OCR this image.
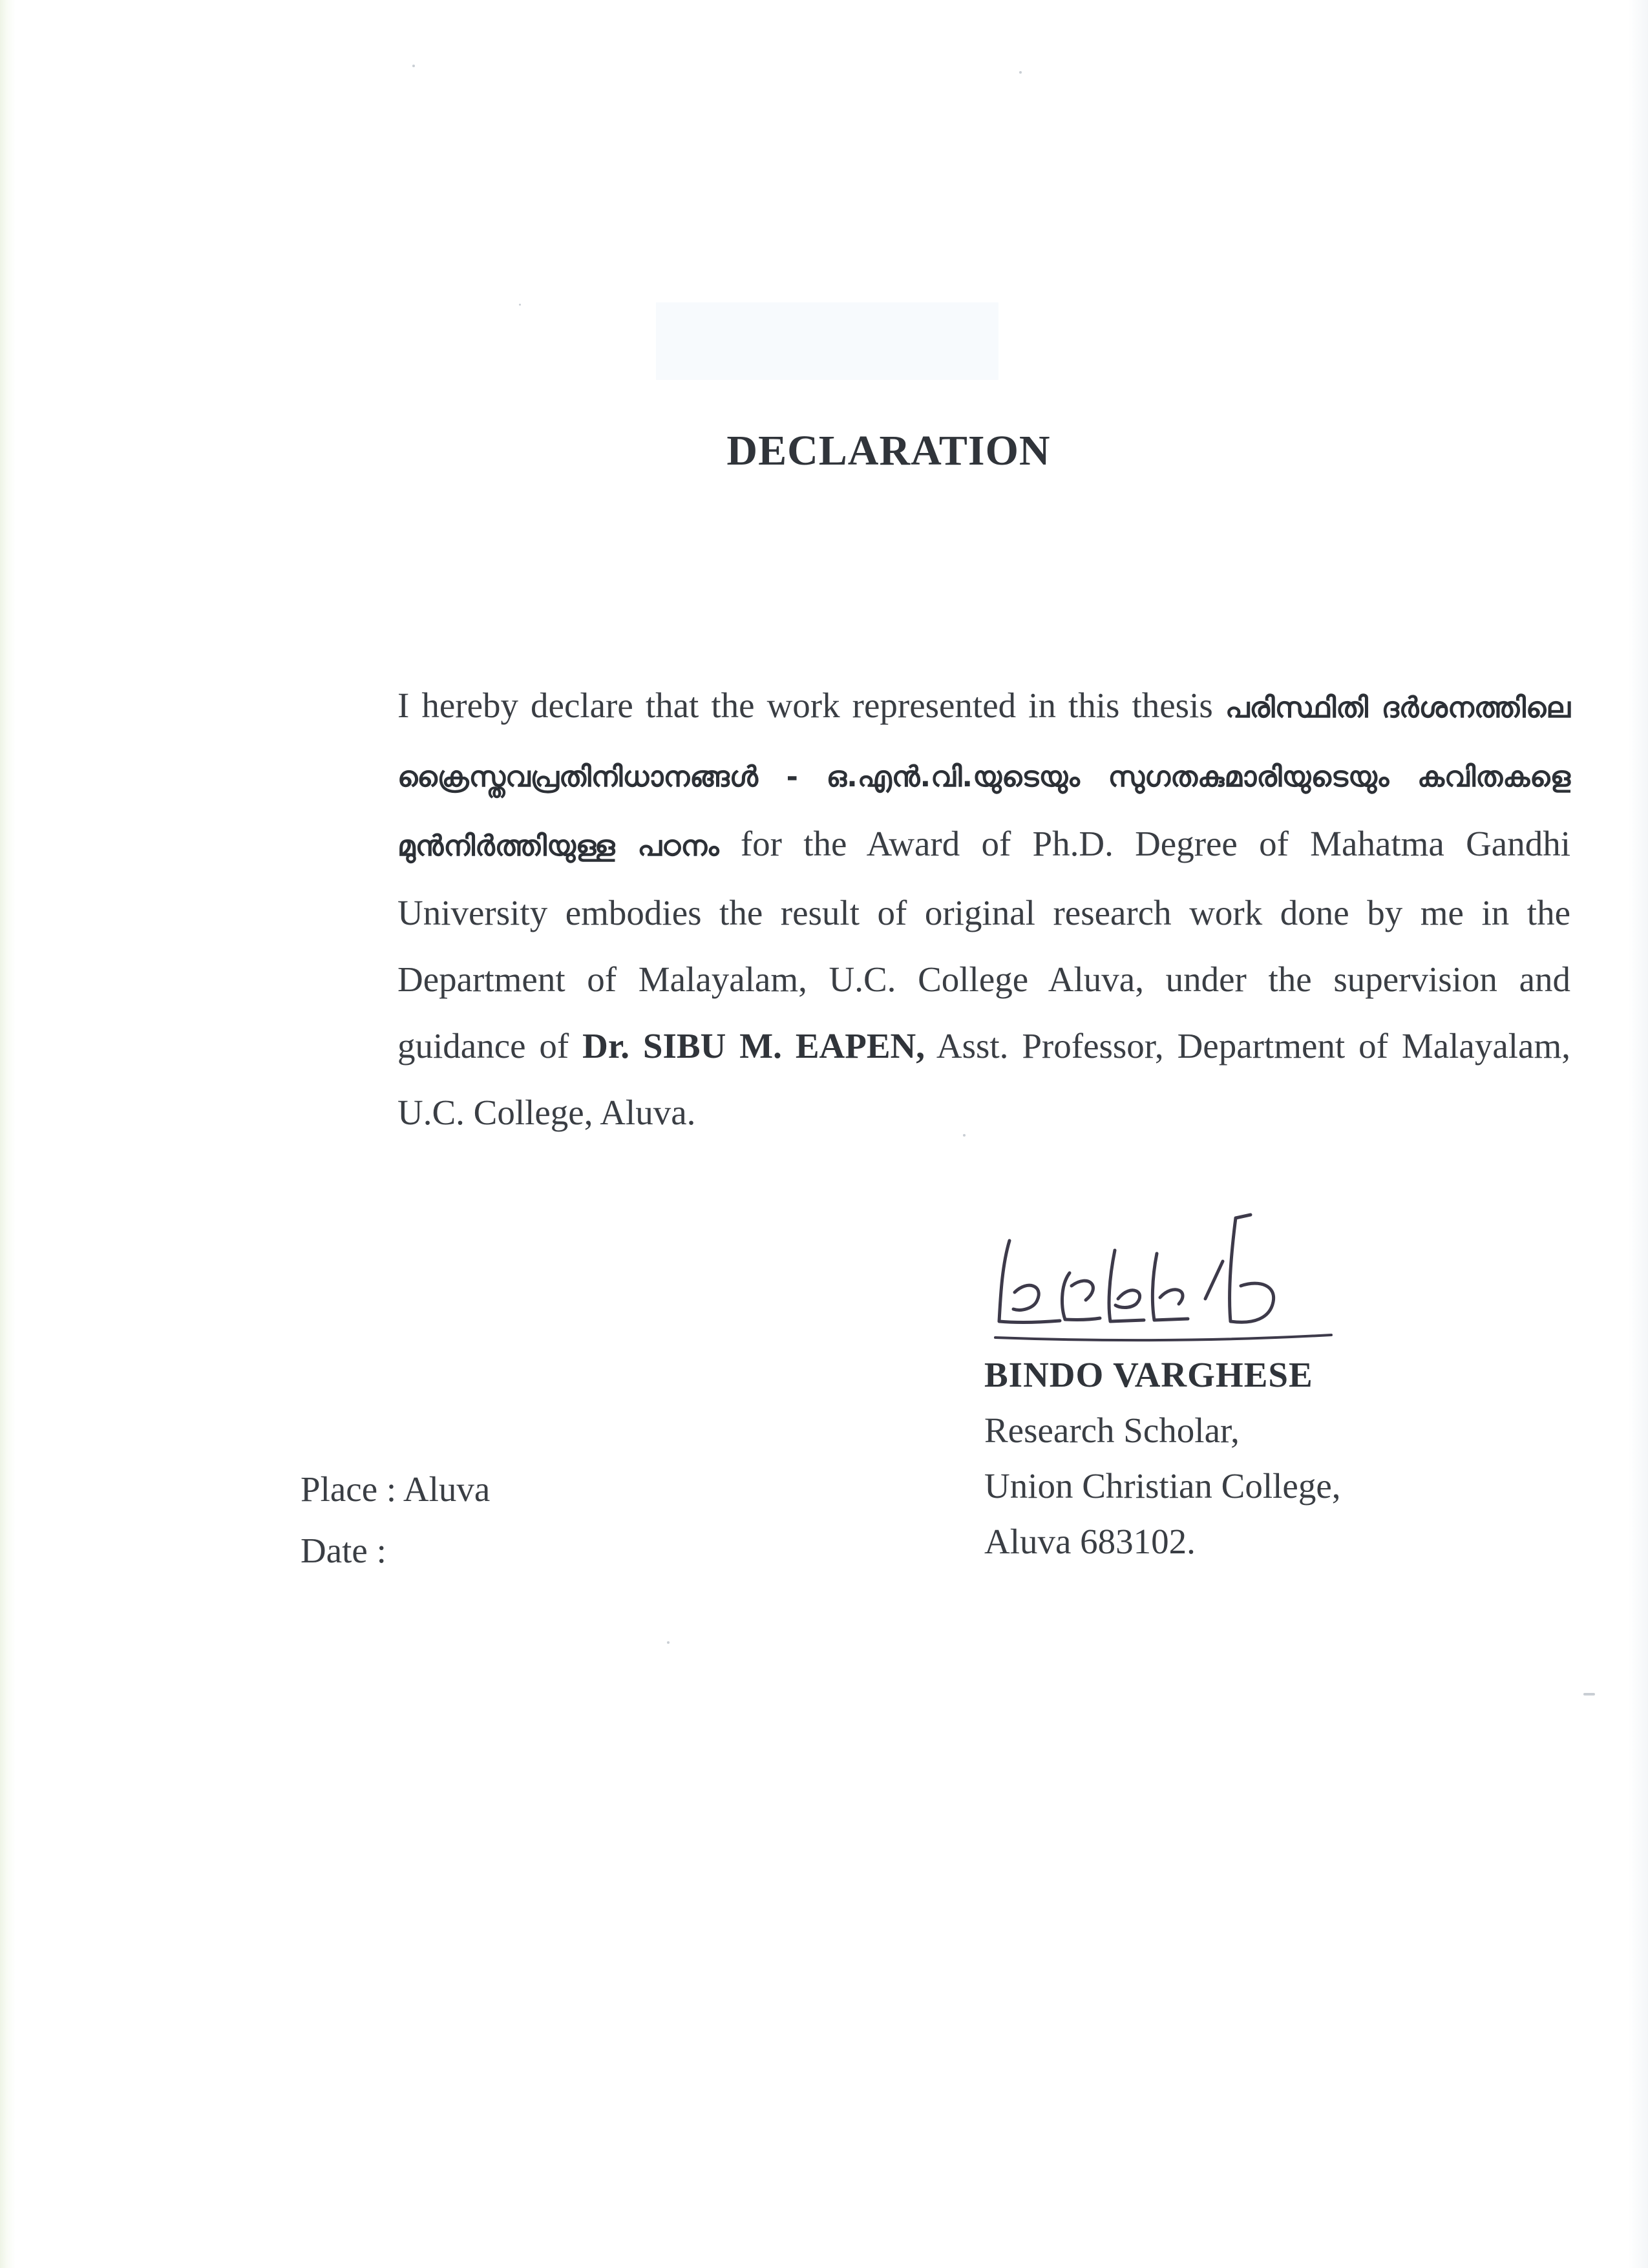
DECLARATION

I hereby declare that the work represented in this thesis പരിസ്ഥിതി ദർശനത്തിലെ ക്രൈസ്തവപ്രതിനിധാനങ്ങൾ - ഒ.എൻ.വി.യുടെയും സുഗതകുമാരിയുടെയും കവിതകളെ മുൻനിർത്തിയുള്ള പഠനം for the Award of Ph.D. Degree of Mahatma Gandhi University embodies the result of original research work done by me in the Department of Malayalam, U.C. College Aluva, under the supervision and guidance of Dr. SIBU M. EAPEN, Asst. Professor, Department of Malayalam, U.C. College, Aluva.

BINDO VARGHESE
Research Scholar,
Union Christian College,
Aluva 683102.
Place : Aluva
Date :
